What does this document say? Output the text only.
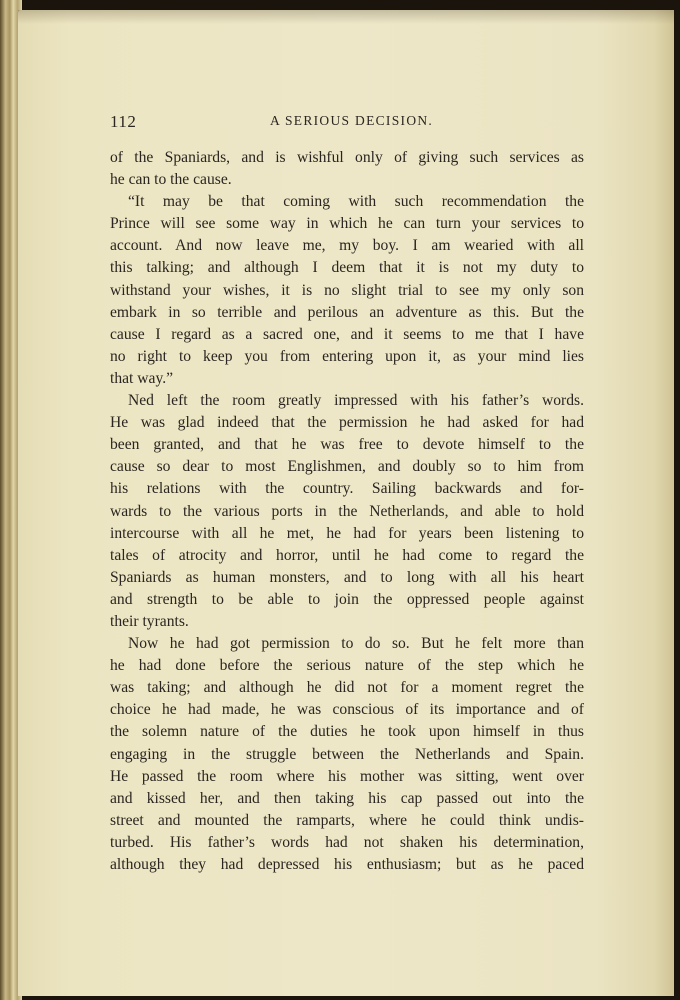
112	A SERIOUS DECISION.
of the Spaniards, and is wishful only of giving such services as
he can to the cause.
“It may be that coming with such recommendation the
Prince will see some way in which he can turn your services to
account. And now leave me, my boy. I am wearied with all
this talking; and although I deem that it is not my duty to
withstand your wishes, it is no slight trial to see my only son
embark in so terrible and perilous an adventure as this. But the
cause I regard as a sacred one, and it seems to me that I have
no right to keep you from entering upon it, as your mind lies
that way.”
Ned left the room greatly impressed with his father’s words.
He was glad indeed that the permission he had asked for had
been granted, and that he was free to devote himself to the
cause so dear to most Englishmen, and doubly so to him from
his relations with the country. Sailing backwards and for-
wards to the various ports in the Netherlands, and able to hold
intercourse with all he met, he had for years been listening to
tales of atrocity and horror, until he had come to regard the
Spaniards as human monsters, and to long with all his heart
and strength to be able to join the oppressed people against
their tyrants.
Now he had got permission to do so. But he felt more than
he had done before the serious nature of the step which he
was taking; and although he did not for a moment regret the
choice he had made, he was conscious of its importance and of
the solemn nature of the duties he took upon himself in thus
engaging in the struggle between the Netherlands and Spain.
He passed the room where his mother was sitting, went over
and kissed her, and then taking his cap passed out into the
street and mounted the ramparts, where he could think undis-
turbed. His father’s words had not shaken his determination,
although they had depressed his enthusiasm; but as he paced
